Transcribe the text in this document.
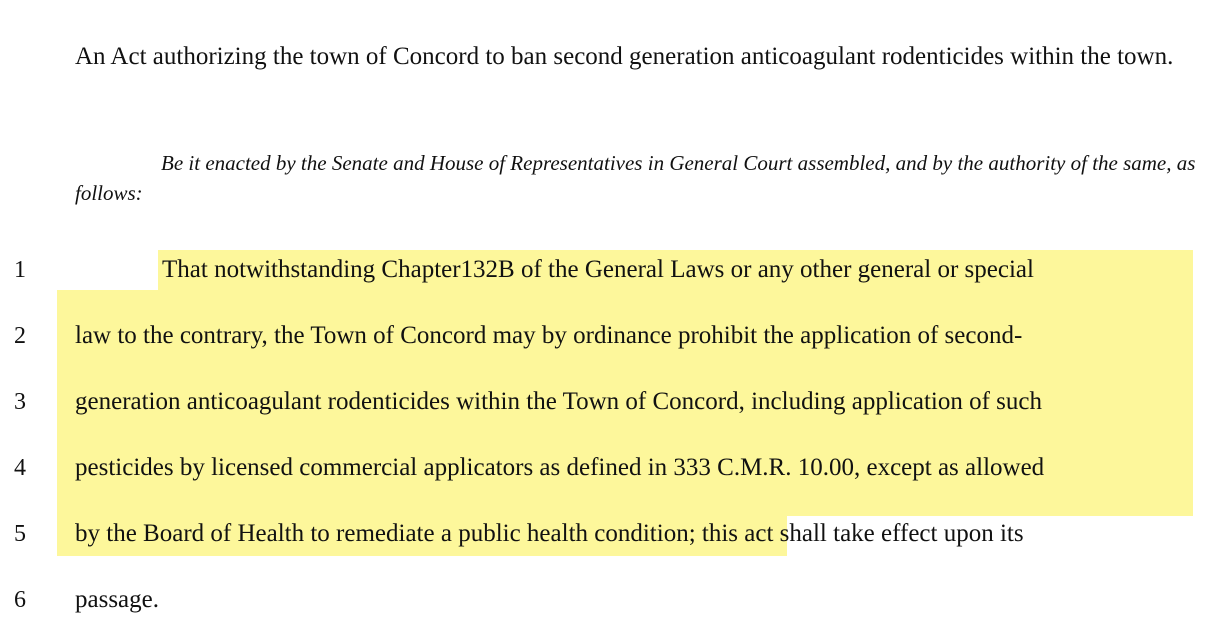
An Act authorizing the town of Concord to ban second generation anticoagulant rodenticides within the town.

Be it enacted by the Senate and House of Representatives in General Court assembled, and by the authority of the same, as follows:

1	That notwithstanding Chapter132B of the General Laws or any other general or special
2	law to the contrary, the Town of Concord may by ordinance prohibit the application of second-
3	generation anticoagulant rodenticides within the Town of Concord, including application of such
4	pesticides by licensed commercial applicators as defined in 333 C.M.R. 10.00, except as allowed
5	by the Board of Health to remediate a public health condition; this act shall take effect upon its
6	passage.
